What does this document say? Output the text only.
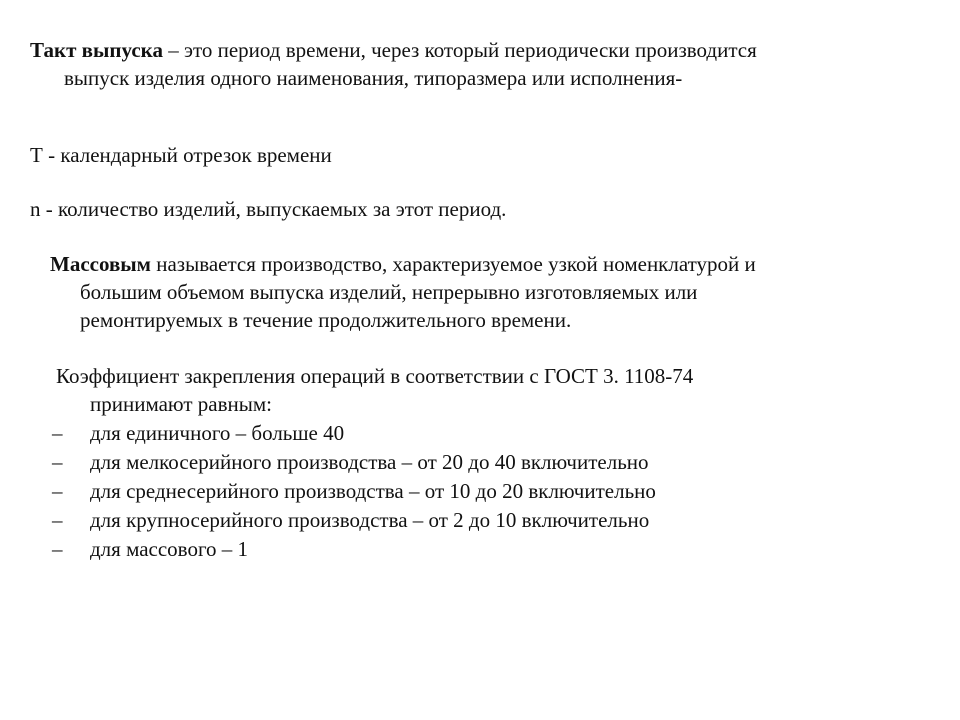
Такт выпуска – это период времени, через который периодически производится
выпуск изделия одного наименования, типоразмера или исполнения-
Т - календарный отрезок времени
n - количество изделий, выпускаемых за этот период.
Массовым называется производство, характеризуемое узкой номенклатурой и
большим объемом выпуска изделий, непрерывно изготовляемых или
ремонтируемых в течение продолжительного времени.
Коэффициент закрепления операций в соответствии с ГОСТ 3. 1108-74
принимают равным:
– для единичного – больше 40
– для мелкосерийного производства – от 20 до 40 включительно
– для среднесерийного производства – от 10 до 20 включительно
– для крупносерийного производства – от 2 до 10 включительно
– для массового – 1
